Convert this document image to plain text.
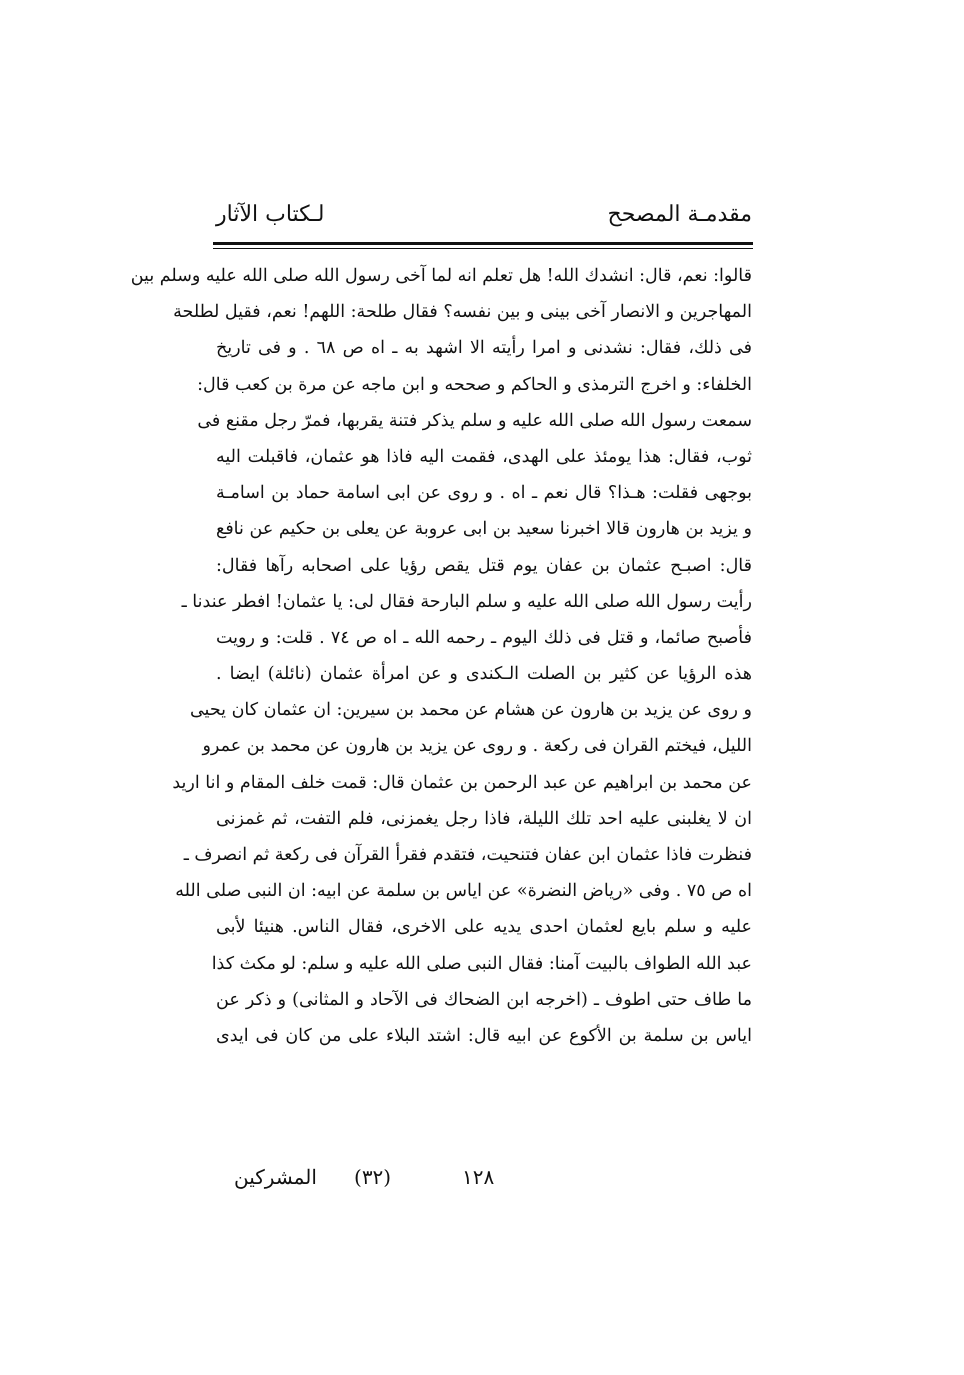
مقدمـة المصحح
لـكتاب الآثار
قالوا: نعم، قال: انشدك الله! هل تعلم انه لما آخى رسول الله صلى الله عليه وسلم بين
المهاجرين و الانصار آخى بينى و بين نفسه؟ فقال طلحة: اللهم! نعم، فقيل لطلحة
فى ذلك، فقال: نشدنى و امرا رأيته الا اشهد به ـ اه ص ٦٨ . و فى تاريخ
الخلفاء: و اخرج الترمذى و الحاكم و صححه و ابن ماجه عن مرة بن كعب قال:
سمعت رسول الله صلى الله عليه و سلم يذكر فتنة يقربها، فمرّ رجل مقنع فى
ثوب، فقال: هذا يومئذ على الهدى، فقمت اليه فاذا هو عثمان، فاقبلت اليه
بوجهى فقلت: هـذا؟ قال نعم ـ اه . و روى عن ابى اسامة حماد بن اسامـة
و يزيد بن هارون قالا اخبرنا سعيد بن ابى عروبة عن يعلى بن حكيم عن نافع
قال: اصبـح عثمان بن عفان يوم قتل يقص رؤيا على اصحابه رآها فقال:
رأيت رسول الله صلى الله عليه و سلم البارحة فقال لى: يا عثمان! افطر عندنا ـ
فأصبح صائما، و قتل فى ذلك اليوم ـ رحمه الله ـ اه ص ٧٤ . قلت: و رويت
هذه الرؤيا عن كثير بن الصلت الـكندى و عن امرأة عثمان (نائلة) ايضا .
و روى عن يزيد بن هارون عن هشام عن محمد بن سيرين: ان عثمان كان يحيى
الليل، فيختم القران فى ركعة . و روى عن يزيد بن هارون عن محمد بن عمرو
عن محمد بن ابراهيم عن عبد الرحمن بن عثمان قال: قمت خلف المقام و انا اريد
ان لا يغلبنى عليه احد تلك الليلة، فاذا رجل يغمزنى، فلم التفت، ثم غمزنى
فنظرت فاذا عثمان ابن عفان فتنحيت، فتقدم فقرأ القرآن فى ركعة ثم انصرف ـ
اه ص ٧٥ . وفى «رياض النضرة» عن اياس بن سلمة عن ابيه: ان النبى صلى الله
عليه و سلم بايع لعثمان احدى يديه على الاخرى، فقال الناس. هنيئا لأبى
عبد الله الطواف بالبيت آمنا: فقال النبى صلى الله عليه و سلم: لو مكث كذا
ما طاف حتى اطوف ـ (اخرجه ابن الضحاك فى الآحاد و المثانى) و ذكر عن
اياس بن سلمة بن الأكوع عن ابيه قال: اشتد البلاء على من كان فى ايدى
١٢٨
(٣٢)
المشركين
